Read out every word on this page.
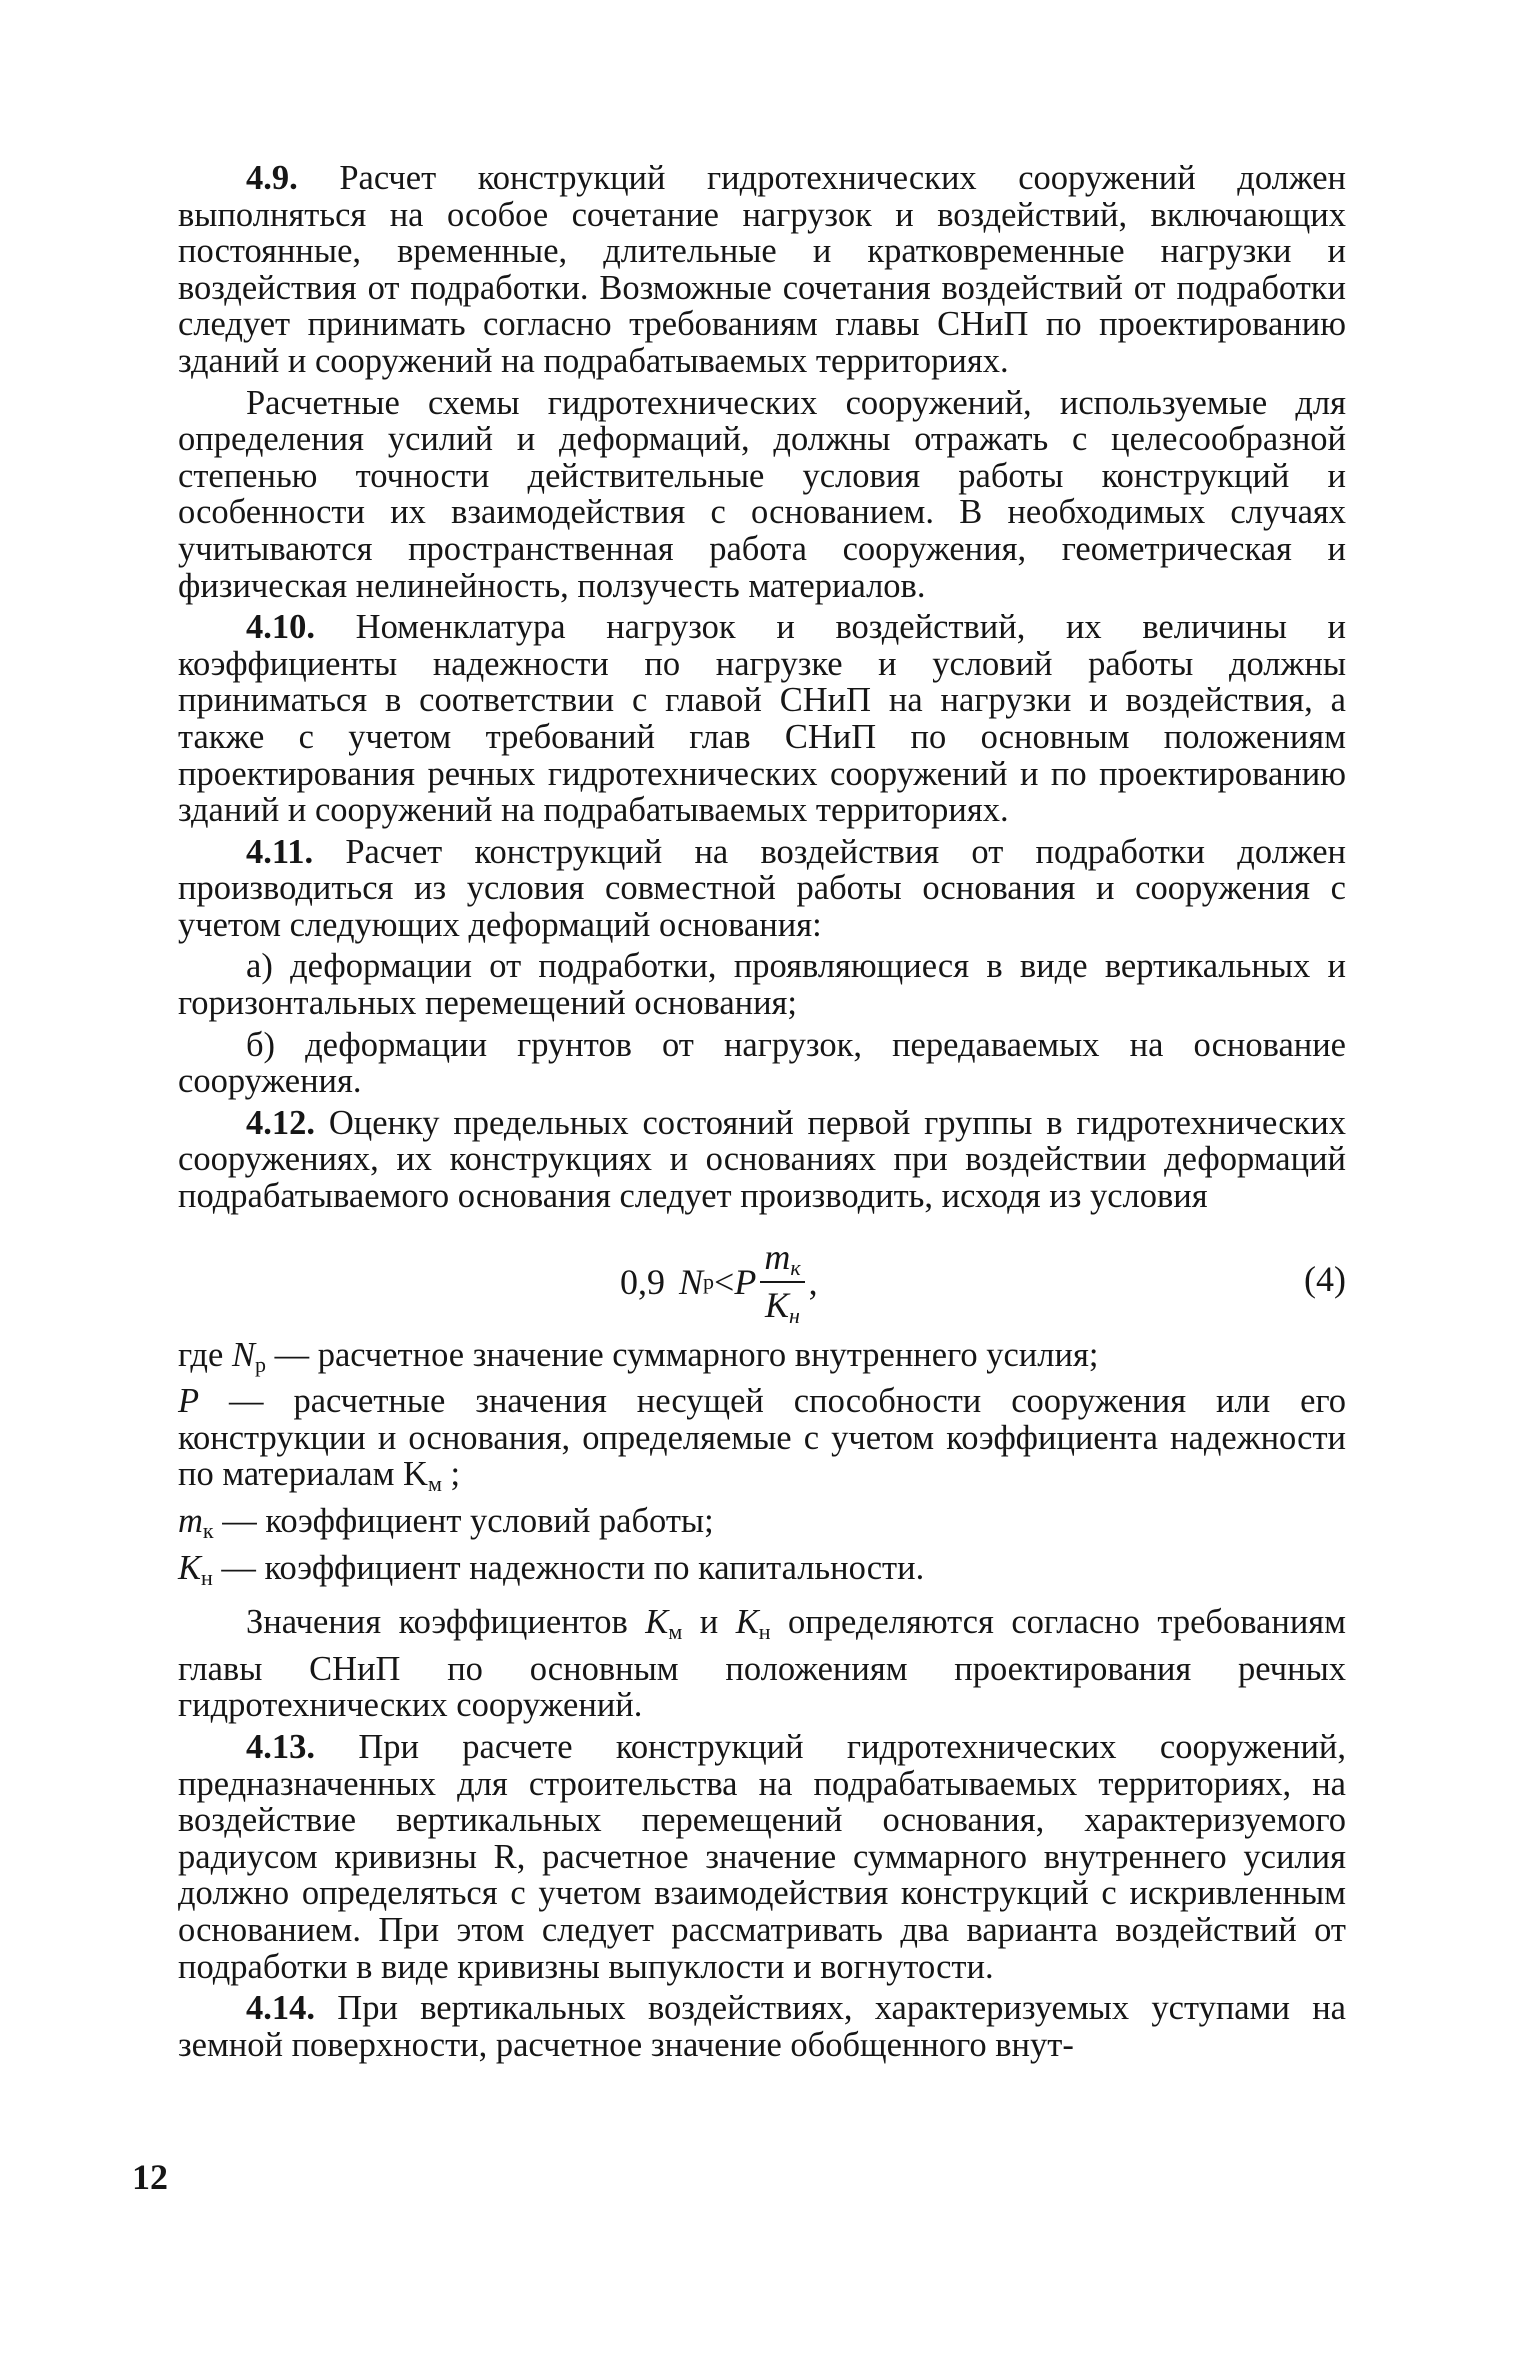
4.9. Расчет конструкций гидротехнических сооружений должен выполняться на особое сочетание нагрузок и воздействий, включающих постоянные, временные, длительные и кратковременные нагрузки и воздействия от подработки. Возможные сочетания воздействий от подработки следует принимать согласно требованиям главы СНиП по проектированию зданий и сооружений на подрабатываемых территориях.

Расчетные схемы гидротехнических сооружений, используемые для определения усилий и деформаций, должны отражать с целесообразной степенью точности действительные условия работы конструкций и особенности их взаимодействия с основанием. В необходимых случаях учитываются пространственная работа сооружения, геометрическая и физическая нелинейность, ползучесть материалов.

4.10. Номенклатура нагрузок и воздействий, их величины и коэффициенты надежности по нагрузке и условий работы должны приниматься в соответствии с главой СНиП на нагрузки и воздействия, а также с учетом требований глав СНиП по основным положениям проектирования речных гидротехнических сооружений и по проектированию зданий и сооружений на подрабатываемых территориях.

4.11. Расчет конструкций на воздействия от подработки должен производиться из условия совместной работы основания и сооружения с учетом следующих деформаций основания:

а) деформации от подработки, проявляющиеся в виде вертикальных и горизонтальных перемещений основания;

б) деформации грунтов от нагрузок, передаваемых на основание сооружения.

4.12. Оценку предельных состояний первой группы в гидротехнических сооружениях, их конструкциях и основаниях при воздействии деформаций подрабатываемого основания следует производить, исходя из условия

0,9 N p < P $\frac{m_к}{K_н}$ ,	(4)

где $N_p$ — расчетное значение суммарного внутреннего усилия;

P — расчетные значения несущей способности сооружения или его конструкции и основания, определяемые с учетом коэффициента надежности по материалам $K_м$ ;

$m_к$ — коэффициент условий работы;

$K_н$ — коэффициент надежности по капитальности.

Значения коэффициентов $K_м$ и $K_н$ определяются согласно требованиям главы СНиП по основным положениям проектирования речных гидротехнических сооружений.

4.13. При расчете конструкций гидротехнических сооружений, предназначенных для строительства на подрабатываемых территориях, на воздействие вертикальных перемещений основания, характеризуемого радиусом кривизны R, расчетное значение суммарного внутреннего усилия должно определяться с учетом взаимодействия конструкций с искривленным основанием. При этом следует рассматривать два варианта воздействий от подработки в виде кривизны выпуклости и вогнутости.

4.14. При вертикальных воздействиях, характеризуемых уступами на земной поверхности, расчетное значение обобщенного внут-

12
